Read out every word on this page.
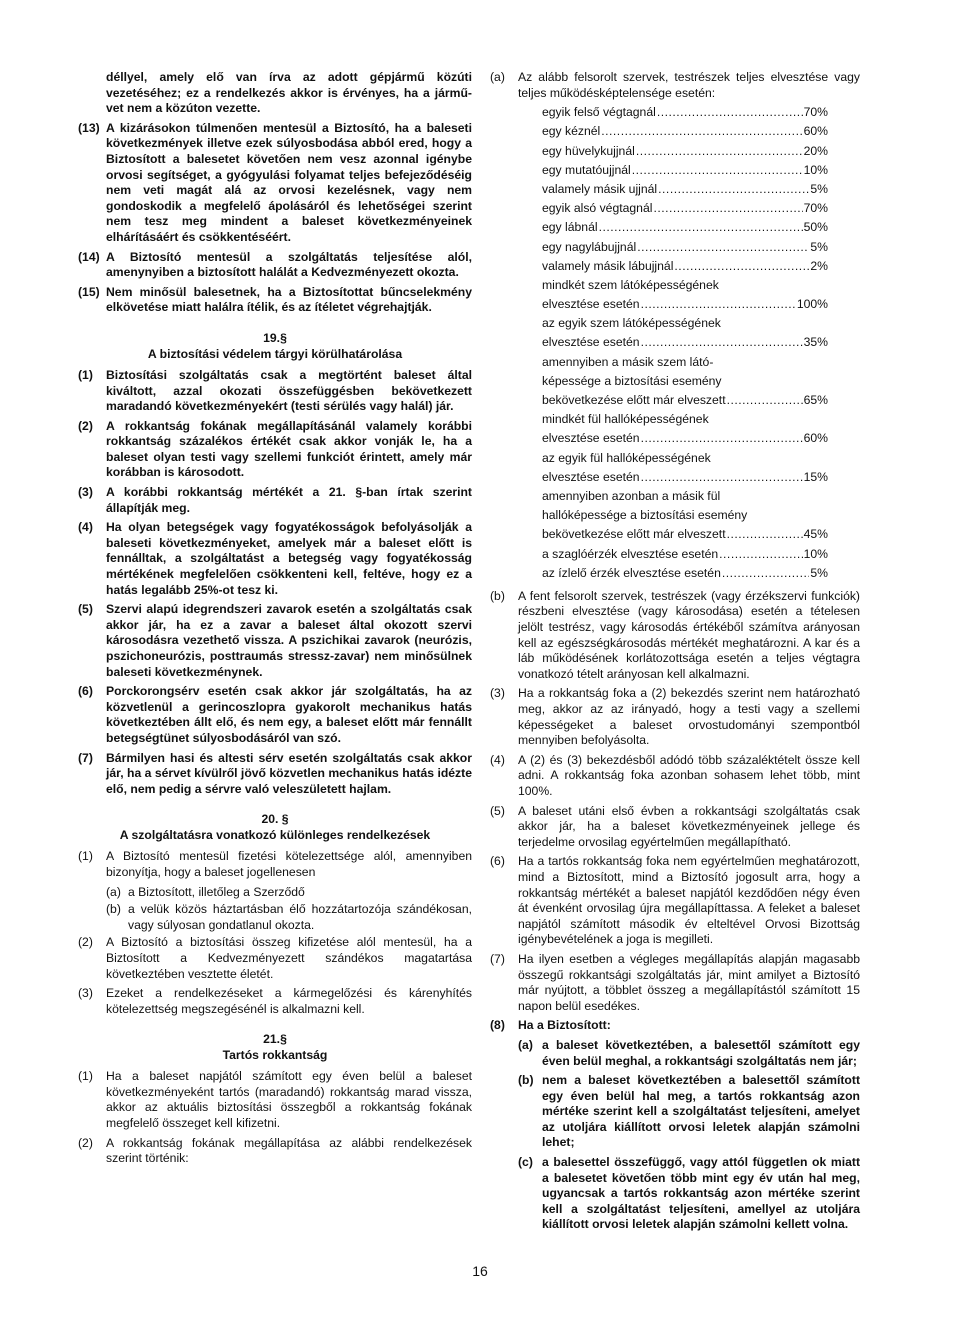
déllyel, amely elő van írva az adott gépjármű közúti vezetéséhez; ez a rendelkezés akkor is érvényes, ha a jármű-vet nem a közúton vezette.
(13) A kizárásokon túlmenően mentesül a Biztosító, ha a baleseti következmények illetve ezek súlyosbodása abból ered, hogy a Biztosított a balesetet követően nem vesz azonnal igénybe orvosi segítséget, a gyógyulási folyamat teljes befejeződéséig nem veti magát alá az orvosi kezelésnek, vagy nem gondoskodik a megfelelő ápolásáról és lehetőségei szerint nem tesz meg mindent a baleset következményeinek elhárításáért és csökkentéséért.
(14) A Biztosító mentesül a szolgáltatás teljesítése alól, amenynyiben a biztosított halálát a Kedvezményezett okozta.
(15) Nem minősül balesetnek, ha a Biztosítottat bűncselekmény elkövetése miatt halálra ítélik, és az ítéletet végrehajtják.
19.§
A biztosítási védelem tárgyi körülhatárolása
(1) Biztosítási szolgáltatás csak a megtörtént baleset által kiváltott, azzal okozati összefüggésben bekövetkezett maradandó következményekért (testi sérülés vagy halál) jár.
(2) A rokkantság fokának megállapításánál valamely korábbi rokkantság százalékos értékét csak akkor vonják le, ha a baleset olyan testi vagy szellemi funkciót érintett, amely már korábban is károsodott.
(3) A korábbi rokkantság mértékét a 21. §-ban írtak szerint állapítják meg.
(4) Ha olyan betegségek vagy fogyatékosságok befolyásolják a baleseti következményeket, amelyek már a baleset előtt is fennálltak, a szolgáltatást a betegség vagy fogyatékosság mértékének megfelelően csökkenteni kell, feltéve, hogy ez a hatás legalább 25%-ot tesz ki.
(5) Szervi alapú idegrendszeri zavarok esetén a szolgáltatás csak akkor jár, ha ez a zavar a baleset által okozott szervi károsodásra vezethető vissza. A pszichikai zavarok (neurózis, pszichoneurózis, posttraumás stressz-zavar) nem minősülnek baleseti következménynek.
(6) Porckorongsérv esetén csak akkor jár szolgáltatás, ha az közvetlenül a gerincoszlopra gyakorolt mechanikus hatás következtében állt elő, és nem egy, a baleset előtt már fennállt betegségtünet súlyosbodásáról van szó.
(7) Bármilyen hasi és altesti sérv esetén szolgáltatás csak akkor jár, ha a sérvet kívülről jövő közvetlen mechanikus hatás idézte elő, nem pedig a sérvre való veleszületett hajlam.
20. §
A szolgáltatásra vonatkozó különleges rendelkezések
(1) A Biztosító mentesül fizetési kötelezettsége alól, amennyiben bizonyítja, hogy a baleset jogellenesen
(a) a Biztosított, illetőleg a Szerződő
(b) a velük közös háztartásban élő hozzátartozója szándékosan, vagy súlyosan gondatlanul okozta.
(2) A Biztosító a biztosítási összeg kifizetése alól mentesül, ha a Biztosított a Kedvezményezett szándékos magatartása következtében vesztette életét.
(3) Ezeket a rendelkezéseket a kármegelőzési és kárenyhítés kötelezettség megszegésénél is alkalmazni kell.
21.§
Tartós rokkantság
(1) Ha a baleset napjától számított egy éven belül a baleset következményeként tartós (maradandó) rokkantság marad vissza, akkor az aktuális biztosítási összegből a rokkantság fokának megfelelő összeget kell kifizetni.
(2) A rokkantság fokának megállapítása az alábbi rendelkezések szerint történik:
(a) Az alább felsorolt szervek, testrészek teljes elvesztése vagy teljes működésképtelensége esetén:
egyik felső végtagnál .....	70%
egy kéznél .....	60%
egy hüvelykujjnál .....	20%
egy mutatóujjnál .....	10%
valamely másik ujjnál .....	5%
egyik alsó végtagnál .....	70%
egy lábnál .....	50%
egy nagylábujjnál .....	5%
valamely másik lábujjnál .....	2%
mindkét szem látóképességének
elvesztése esetén .....	100%
az egyik szem látóképességének
elvesztése esetén .....	35%
amennyiben a másik szem látó-
képessége a biztosítási esemény
bekövetkezése előtt már elveszett .....	65%
mindkét fül hallóképességének
elvesztése esetén .....	60%
az egyik fül hallóképességének
elvesztése esetén .....	15%
amennyiben azonban a másik fül
hallóképessége a biztosítási esemény
bekövetkezése előtt már elveszett .....	45%
a szaglóérzék elvesztése esetén .....	10%
az ízlelő érzék elvesztése esetén .....	5%
(b) A fent felsorolt szervek, testrészek (vagy érzékszervi funkciók) részbeni elvesztése (vagy károsodása) esetén a tételesen jelölt testrész, vagy károsodás értékéből számítva arányosan kell az egészségkárosodás mértékét meghatározni. A kar és a láb működésének korlátozottsága esetén a teljes végtagra vonatkozó tételt arányosan kell alkalmazni.
(3) Ha a rokkantság foka a (2) bekezdés szerint nem határozható meg, akkor az az irányadó, hogy a testi vagy a szellemi képességeket a baleset orvostudományi szempontból mennyiben befolyásolta.
(4) A (2) és (3) bekezdésből adódó több százaléktételt össze kell adni. A rokkantság foka azonban sohasem lehet több, mint 100%.
(5) A baleset utáni első évben a rokkantsági szolgáltatás csak akkor jár, ha a baleset következményeinek jellege és terjedelme orvosilag egyértelműen megállapítható.
(6) Ha a tartós rokkantság foka nem egyértelműen meghatározott, mind a Biztosított, mind a Biztosító jogosult arra, hogy a rokkantság mértékét a baleset napjától kezdődően négy éven át évenként orvosilag újra megállapíttassa. A feleket a baleset napjától számított második év elteltével Orvosi Bizottság igénybevételének a joga is megilleti.
(7) Ha ilyen esetben a végleges megállapítás alapján magasabb összegű rokkantsági szolgáltatás jár, mint amilyet a Biztosító már nyújtott, a többlet összeg a megállapítástól számított 15 napon belül esedékes.
(8) Ha a Biztosított:
(a) a baleset következtében, a balesettől számított egy éven belül meghal, a rokkantsági szolgáltatás nem jár;
(b) nem a baleset következtében a balesettől számított egy éven belül hal meg, a tartós rokkantság azon mértéke szerint kell a szolgáltatást teljesíteni, amelyet az utoljára kiállított orvosi leletek alapján számolni lehet;
(c) a balesettel összefüggő, vagy attól független ok miatt a balesetet követően több mint egy év után hal meg, ugyancsak a tartós rokkantság azon mértéke szerint kell a szolgáltatást teljesíteni, amellyel az utoljára kiállított orvosi leletek alapján számolni kellett volna.
16
